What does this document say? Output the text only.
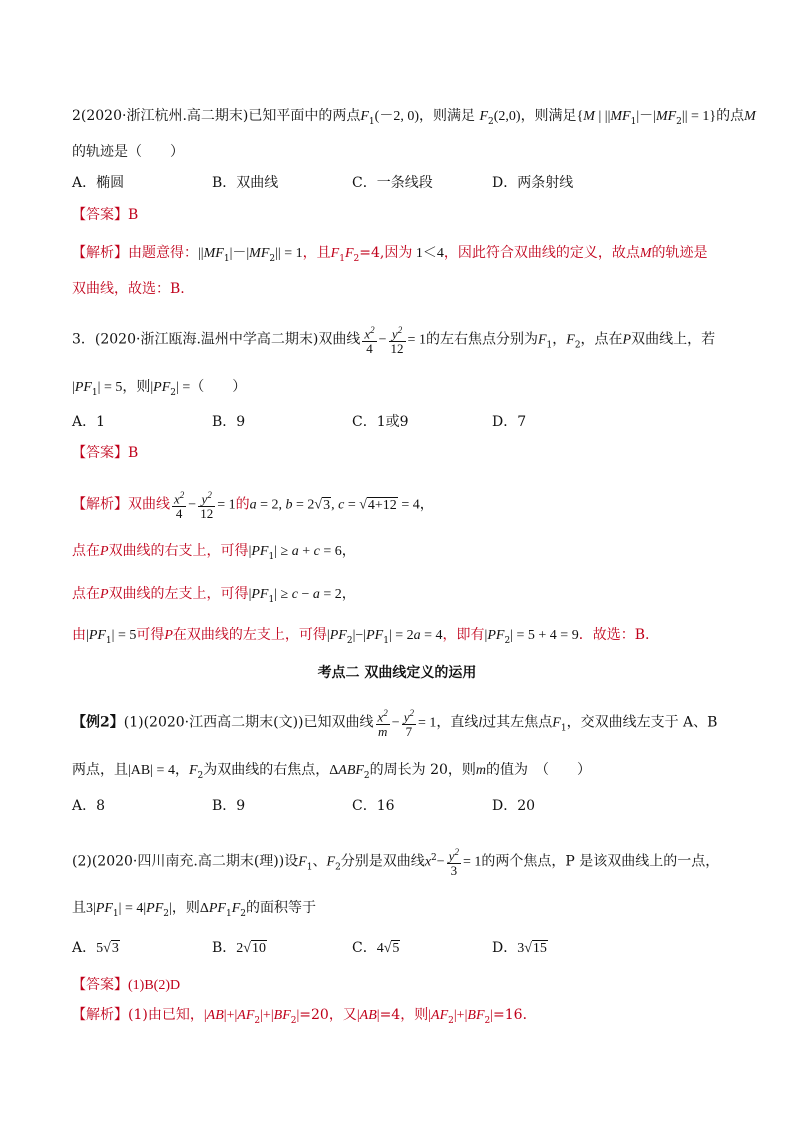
2(2020·浙江杭州.高二期末)已知平面中的两点$F_1(-2$, 0)，则满足 $F_2(2,0)$，则满足{M | $||MF_1|-|MF_2|| = 1$}的点M
的轨迹是（　　）
A．椭圆	B．双曲线	C．一条线段	D．两条射线
【答案】B
【解析】由题意得：$||MF_1|-|MF_2|| = 1$，且$F_1F_2=4$,因为 1＜4，因此符合双曲线的定义，故点M的轨迹是
双曲线，故选：B.
3．(2020·浙江瓯海.温州中学高二期末)双曲线 $\frac{x^2}{4} - \frac{y^2}{12} = 1$的左右焦点分别为$F_1$，$F_2$，点在P双曲线上，若
$|PF_1| = 5$，则$|PF_2|$ =（　　）
A．1	B．9	C．1或9	D．7
【答案】B
【解析】双曲线 $\frac{x^2}{4} - \frac{y^2}{12} = 1$的a = 2, b = 2√3, c = √4+12 = 4，
点在P双曲线的右支上，可得$|PF_1| \ge a + c = 6$，
点在P双曲线的左支上，可得$|PF_1| \ge c - a = 2$，
由$|PF_1| = 5$可得P在双曲线的左支上，可得$|PF_2|-|PF_1| = 2a = 4$，即有$|PF_2| = 5 + 4 = 9$．故选：B.
考点二 双曲线定义的运用
【例2】(1)(2020·江西高二期末(文))已知双曲线 $\frac{x^2}{m} - \frac{y^2}{7} = 1$，直线l过其左焦点$F_1$，交双曲线左支于 A、B
两点，且|AB| = 4，$F_2$为双曲线的右焦点，$\Delta ABF_2$的周长为 20，则m的值为　（　　）
A．8	B．9	C．16	D．20
(2)(2020·四川南充.高二期末(理))设$F_1$、$F_2$分别是双曲线$x^2- \frac{y^2}{3} = 1$的两个焦点，P 是该双曲线上的一点，
且$3|PF_1| = 4|PF_2|$，则$\Delta PF_1F_2$的面积等于
A．5√3	B．2√10	C．4√5	D．3√15
【答案】(1)B(2)D
【解析】(1)由已知，$|AB|+|AF_2|+|BF_2|=20$，又|AB|=4，则$|AF_2|+|BF_2|=16$．
